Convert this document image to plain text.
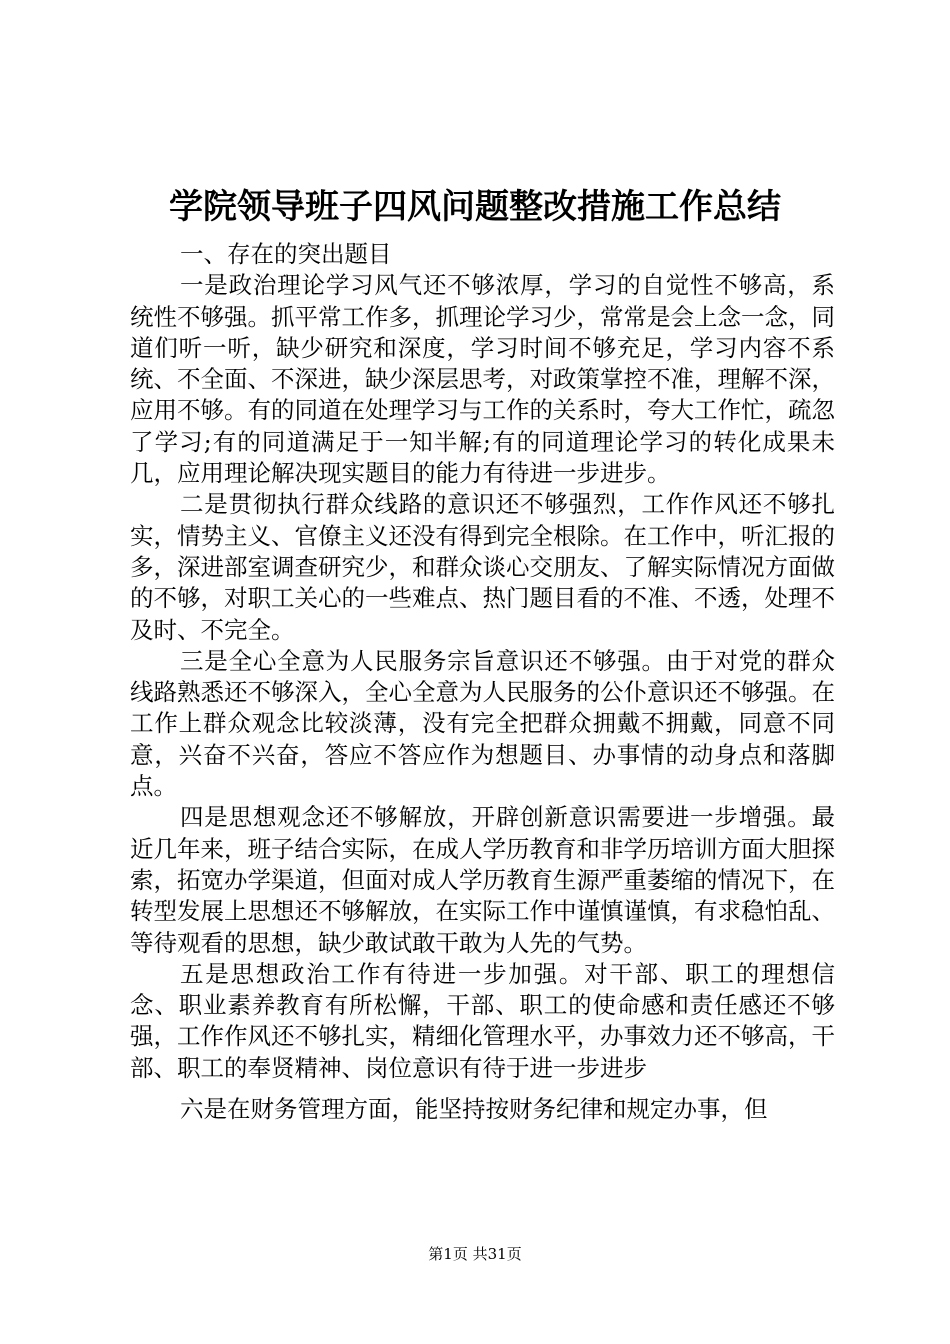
学院领导班子四风问题整改措施工作总结

一、存在的突出题目

一是政治理论学习风气还不够浓厚，学习的自觉性不够高，系统性不够强。抓平常工作多，抓理论学习少，常常是会上念一念，同道们听一听，缺少研究和深度，学习时间不够充足，学习内容不系统、不全面、不深进，缺少深层思考，对政策掌控不准，理解不深，应用不够。有的同道在处理学习与工作的关系时，夸大工作忙，疏忽了学习;有的同道满足于一知半解;有的同道理论学习的转化成果未几，应用理论解决现实题目的能力有待进一步进步。

二是贯彻执行群众线路的意识还不够强烈，工作作风还不够扎实，情势主义、官僚主义还没有得到完全根除。在工作中，听汇报的多，深进部室调查研究少，和群众谈心交朋友、了解实际情况方面做的不够，对职工关心的一些难点、热门题目看的不准、不透，处理不及时、不完全。

三是全心全意为人民服务宗旨意识还不够强。由于对党的群众线路熟悉还不够深入，全心全意为人民服务的公仆意识还不够强。在工作上群众观念比较淡薄，没有完全把群众拥戴不拥戴，同意不同意，兴奋不兴奋，答应不答应作为想题目、办事情的动身点和落脚点。

四是思想观念还不够解放，开辟创新意识需要进一步增强。最近几年来，班子结合实际，在成人学历教育和非学历培训方面大胆探索，拓宽办学渠道，但面对成人学历教育生源严重萎缩的情况下，在转型发展上思想还不够解放，在实际工作中谨慎谨慎，有求稳怕乱、等待观看的思想，缺少敢试敢干敢为人先的气势。

五是思想政治工作有待进一步加强。对干部、职工的理想信念、职业素养教育有所松懈，干部、职工的使命感和责任感还不够强，工作作风还不够扎实，精细化管理水平，办事效力还不够高，干部、职工的奉贤精神、岗位意识有待于进一步进步

六是在财务管理方面，能坚持按财务纪律和规定办事，但

第1页 共31页
